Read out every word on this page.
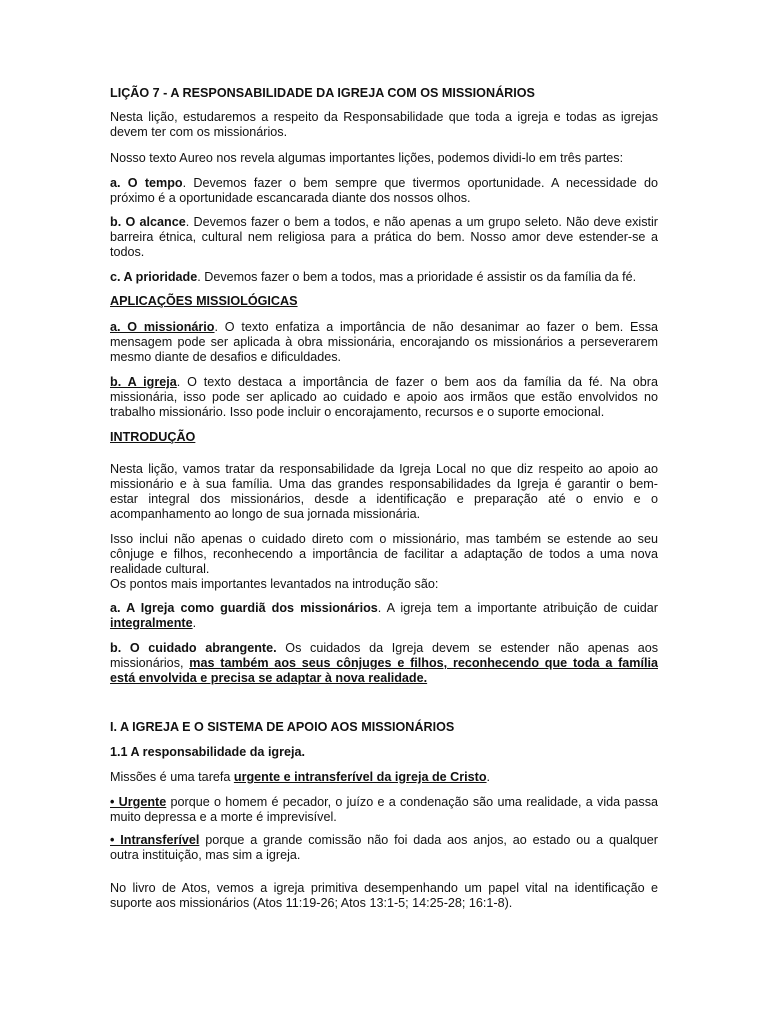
LIÇÃO 7 - A RESPONSABILIDADE DA IGREJA COM OS MISSIONÁRIOS

Nesta lição, estudaremos a respeito da Responsabilidade que toda a igreja e todas as igrejas
devem ter com os missionários.

Nosso texto Aureo nos revela algumas importantes lições, podemos dividi-lo em três partes:

a. O tempo. Devemos fazer o bem sempre que tivermos oportunidade. A necessidade do
próximo é a oportunidade escancarada diante dos nossos olhos.

b. O alcance. Devemos fazer o bem a todos, e não apenas a um grupo seleto. Não deve existir
barreira étnica, cultural nem religiosa para a prática do bem. Nosso amor deve estender-se a
todos.

c. A prioridade. Devemos fazer o bem a todos, mas a prioridade é assistir os da família da fé.

APLICAÇÕES MISSIOLÓGICAS

a. O missionário. O texto enfatiza a importância de não desanimar ao fazer o bem. Essa
mensagem pode ser aplicada à obra missionária, encorajando os missionários a perseverarem
mesmo diante de desafios e dificuldades.

b. A igreja. O texto destaca a importância de fazer o bem aos da família da fé. Na obra
missionária, isso pode ser aplicado ao cuidado e apoio aos irmãos que estão envolvidos no
trabalho missionário. Isso pode incluir o encorajamento, recursos e o suporte emocional.

INTRODUÇÃO

Nesta lição, vamos tratar da responsabilidade da Igreja Local no que diz respeito ao apoio ao
missionário e à sua família. Uma das grandes responsabilidades da Igreja é garantir o bem-
estar integral dos missionários, desde a identificação e preparação até o envio e o
acompanhamento ao longo de sua jornada missionária.

Isso inclui não apenas o cuidado direto com o missionário, mas também se estende ao seu
cônjuge e filhos, reconhecendo a importância de facilitar a adaptação de todos a uma nova
realidade cultural.
Os pontos mais importantes levantados na introdução são:

a. A Igreja como guardiã dos missionários. A igreja tem a importante atribuição de cuidar
integralmente.

b. O cuidado abrangente. Os cuidados da Igreja devem se estender não apenas aos
missionários, mas também aos seus cônjuges e filhos, reconhecendo que toda a família
está envolvida e precisa se adaptar à nova realidade.

I. A IGREJA E O SISTEMA DE APOIO AOS MISSIONÁRIOS

1.1 A responsabilidade da igreja.

Missões é uma tarefa urgente e intransferível da igreja de Cristo.

• Urgente porque o homem é pecador, o juízo e a condenação são uma realidade, a vida passa
muito depressa e a morte é imprevisível.

• Intransferível porque a grande comissão não foi dada aos anjos, ao estado ou a qualquer
outra instituição, mas sim a igreja.

No livro de Atos, vemos a igreja primitiva desempenhando um papel vital na identificação e
suporte aos missionários (Atos 11:19-26; Atos 13:1-5; 14:25-28; 16:1-8).
